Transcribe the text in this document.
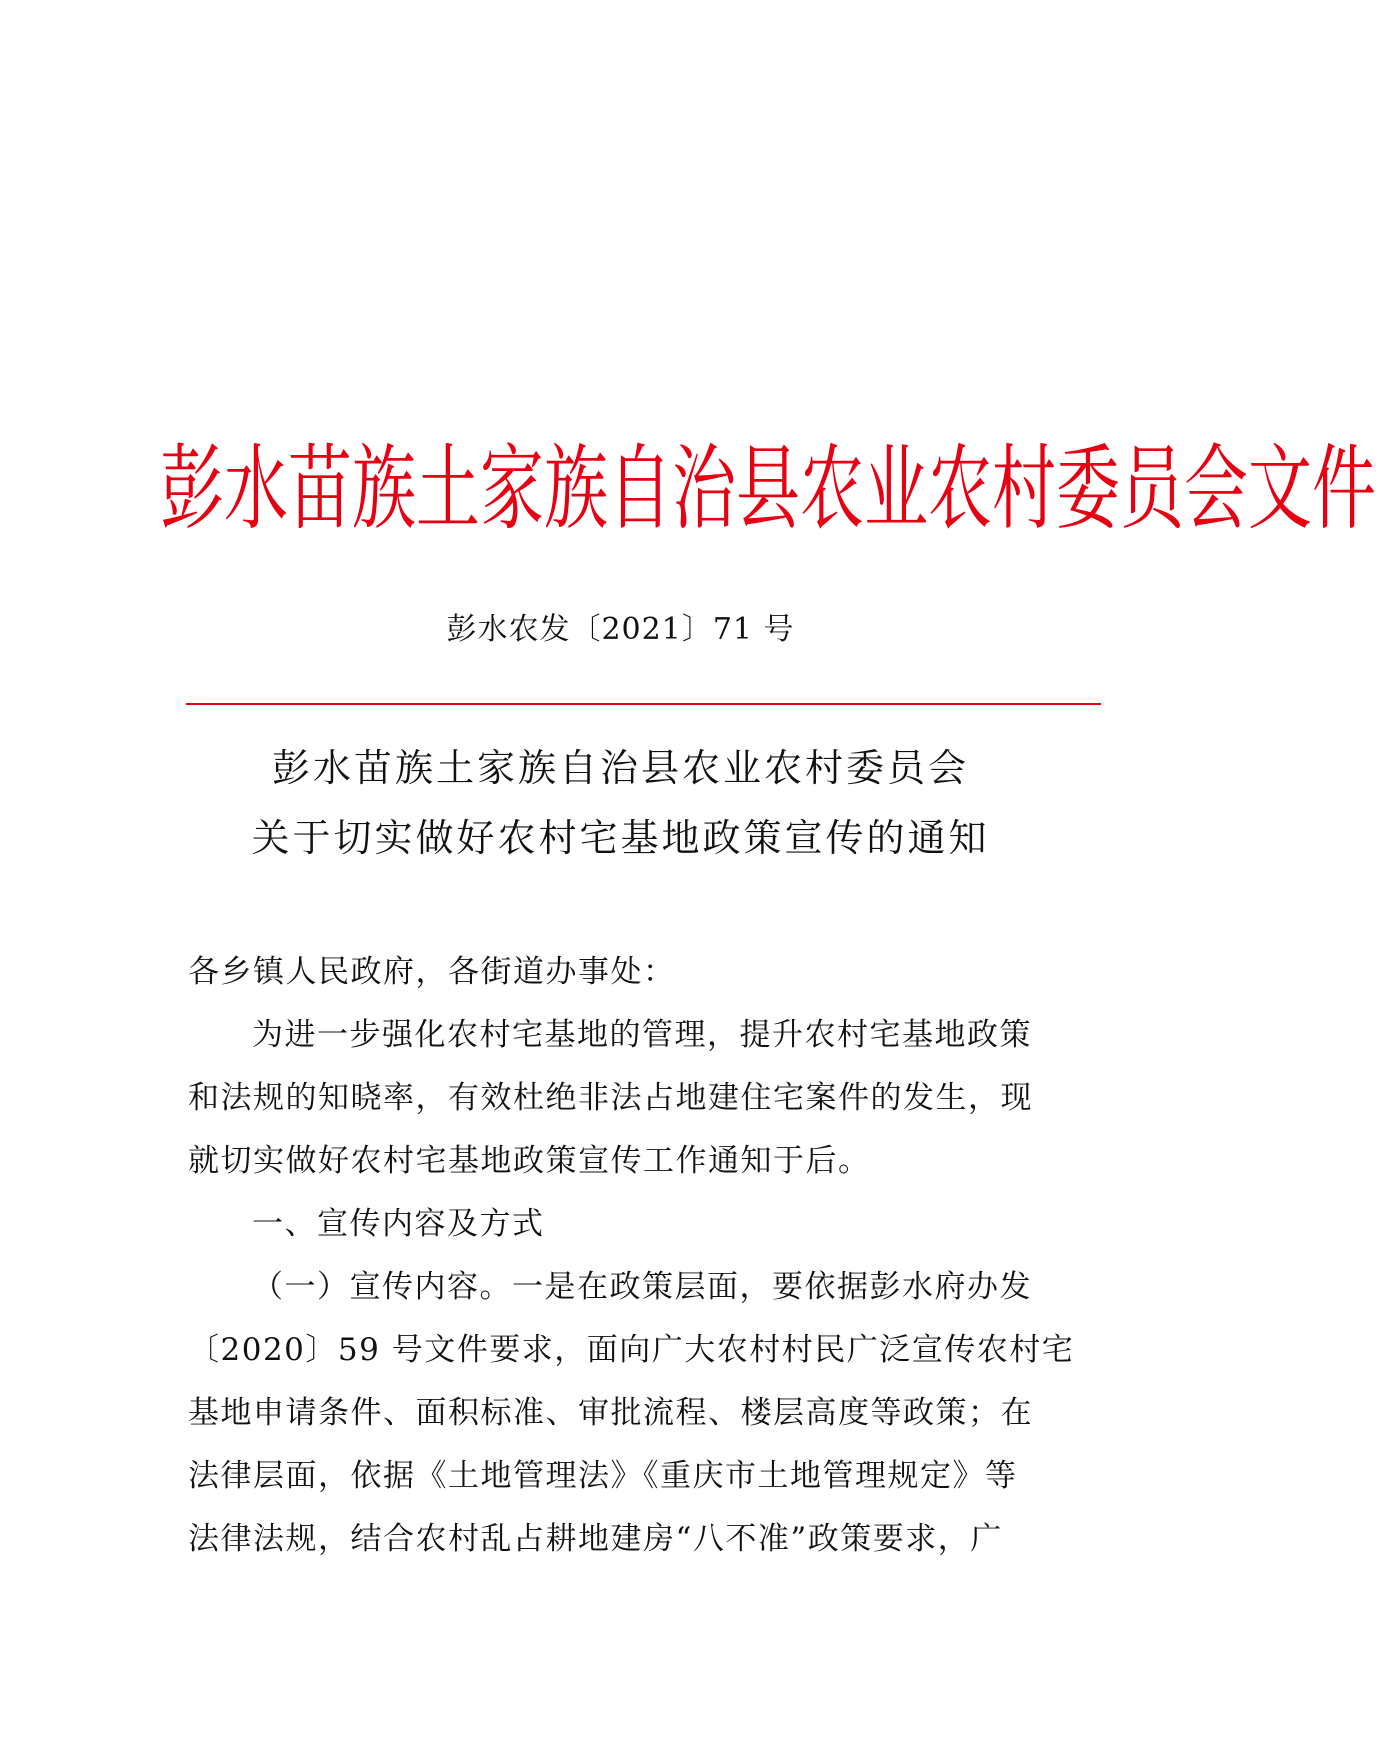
彭水苗族土家族自治县农业农村委员会文件
彭水农发〔2021〕71 号
彭水苗族土家族自治县农业农村委员会
关于切实做好农村宅基地政策宣传的通知
各乡镇人民政府，各街道办事处：
为进一步强化农村宅基地的管理，提升农村宅基地政策
和法规的知晓率，有效杜绝非法占地建住宅案件的发生，现
就切实做好农村宅基地政策宣传工作通知于后。
一、宣传内容及方式
（一）宣传内容。一是在政策层面，要依据彭水府办发
〔2020〕59 号文件要求，面向广大农村村民广泛宣传农村宅
基地申请条件、面积标准、审批流程、楼层高度等政策；在
法律层面，依据《土地管理法》《重庆市土地管理规定》等
法律法规，结合农村乱占耕地建房“八不准”政策要求，广
